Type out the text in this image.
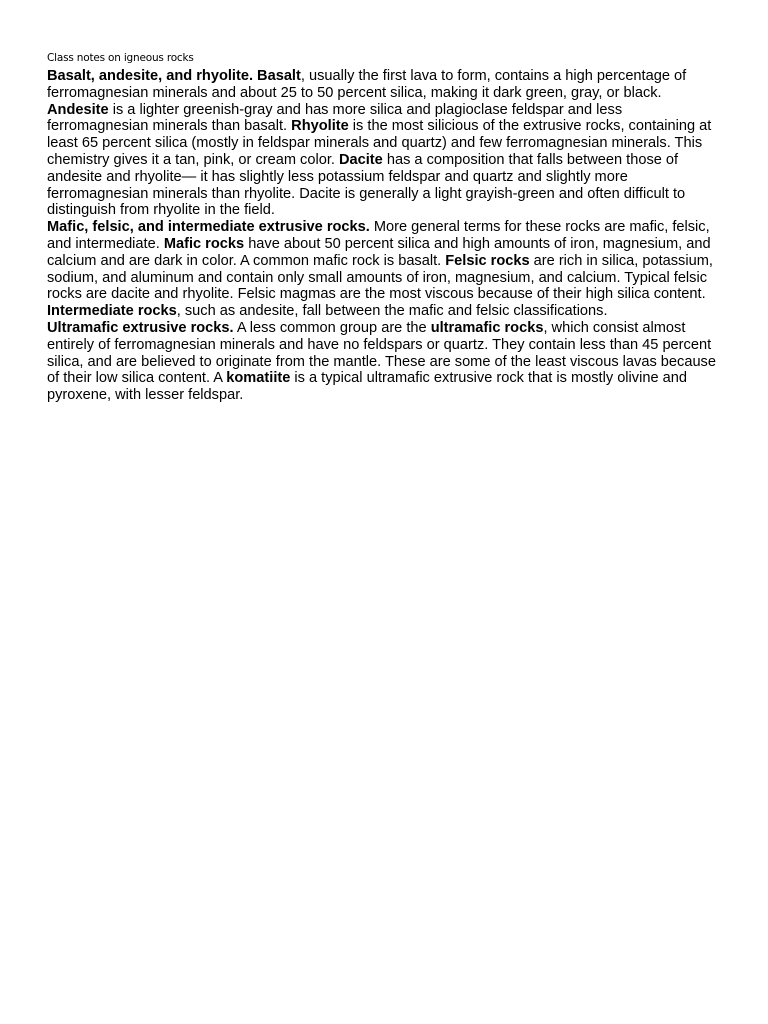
Class notes on igneous rocks

Basalt, andesite, and rhyolite. Basalt, usually the first lava to form, contains a high percentage of ferromagnesian minerals and about 25 to 50 percent silica, making it dark green, gray, or black. Andesite is a lighter greenish-gray and has more silica and plagioclase feldspar and less ferromagnesian minerals than basalt. Rhyolite is the most silicious of the extrusive rocks, containing at least 65 percent silica (mostly in feldspar minerals and quartz) and few ferromagnesian minerals. This chemistry gives it a tan, pink, or cream color. Dacite has a composition that falls between those of andesite and rhyolite— it has slightly less potassium feldspar and quartz and slightly more ferromagnesian minerals than rhyolite. Dacite is generally a light grayish-green and often difficult to distinguish from rhyolite in the field.

Mafic, felsic, and intermediate extrusive rocks. More general terms for these rocks are mafic, felsic, and intermediate. Mafic rocks have about 50 percent silica and high amounts of iron, magnesium, and calcium and are dark in color. A common mafic rock is basalt. Felsic rocks are rich in silica, potassium, sodium, and aluminum and contain only small amounts of iron, magnesium, and calcium. Typical felsic rocks are dacite and rhyolite. Felsic magmas are the most viscous because of their high silica content. Intermediate rocks, such as andesite, fall between the mafic and felsic classifications.

Ultramafic extrusive rocks. A less common group are the ultramafic rocks, which consist almost entirely of ferromagnesian minerals and have no feldspars or quartz. They contain less than 45 percent silica, and are believed to originate from the mantle. These are some of the least viscous lavas because of their low silica content. A komatiite is a typical ultramafic extrusive rock that is mostly olivine and pyroxene, with lesser feldspar.
